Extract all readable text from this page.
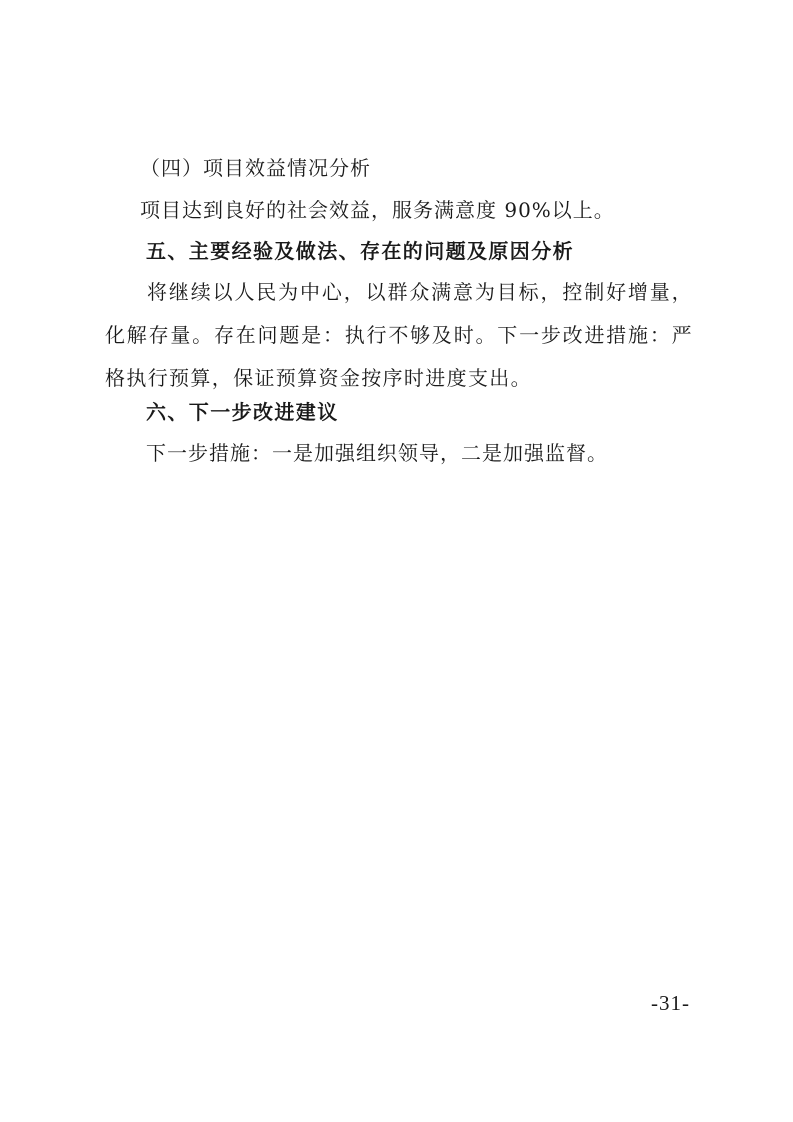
（四）项目效益情况分析
项目达到良好的社会效益，服务满意度 90%以上。
五、主要经验及做法、存在的问题及原因分析
将继续以人民为中心，以群众满意为目标，控制好增量，化解存量。存在问题是：执行不够及时。下一步改进措施：严格执行预算，保证预算资金按序时进度支出。
六、下一步改进建议
下一步措施：一是加强组织领导，二是加强监督。
-31-
